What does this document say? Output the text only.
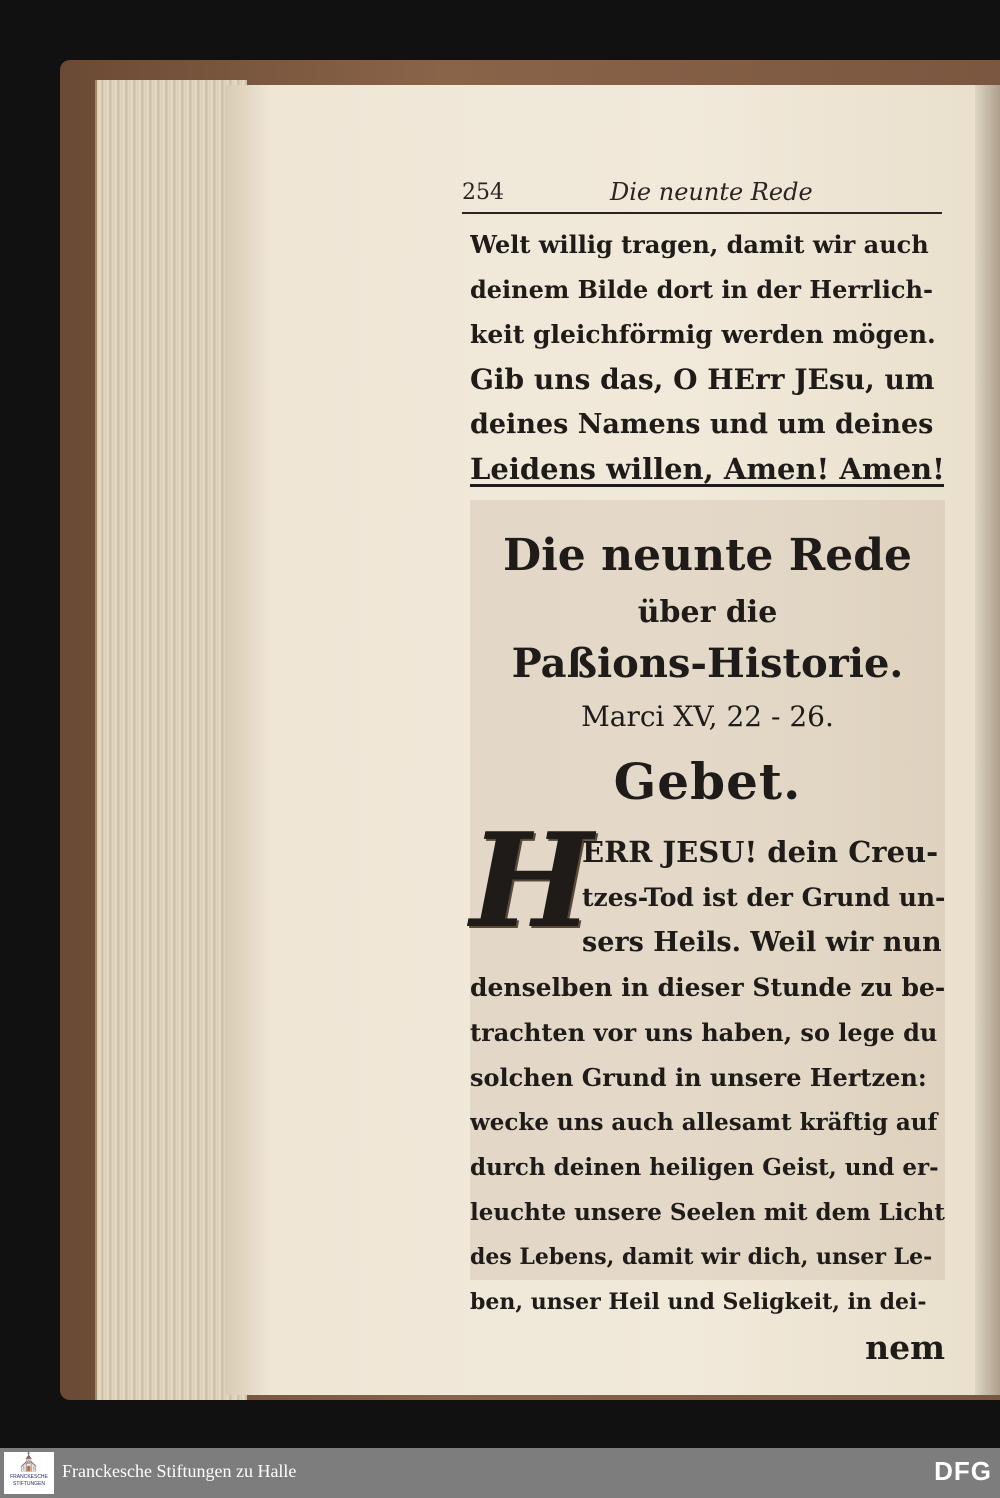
254	Die neunte Rede
Welt willig tragen, damit wir auch
deinem Bilde dort in der Herrlich-
keit gleichförmig werden mögen.
Gib uns das, O HErr JEsu, um
deines Namens und um deines
Leidens willen, Amen! Amen!
Die neunte Rede
über die
Paßions-Historie.
Marci XV, 22 - 26.
Gebet.
H
ERR JESU! dein Creu-
tzes-Tod ist der Grund un-
sers Heils. Weil wir nun
denselben in dieser Stunde zu be-
trachten vor uns haben, so lege du
solchen Grund in unsere Hertzen:
wecke uns auch allesamt kräftig auf
durch deinen heiligen Geist, und er-
leuchte unsere Seelen mit dem Licht
des Lebens, damit wir dich, unser Le-
ben, unser Heil und Seligkeit, in dei-
nem
⛪
FRANCKESCHE STIFTUNGEN
Franckesche Stiftungen zu Halle	DFG
